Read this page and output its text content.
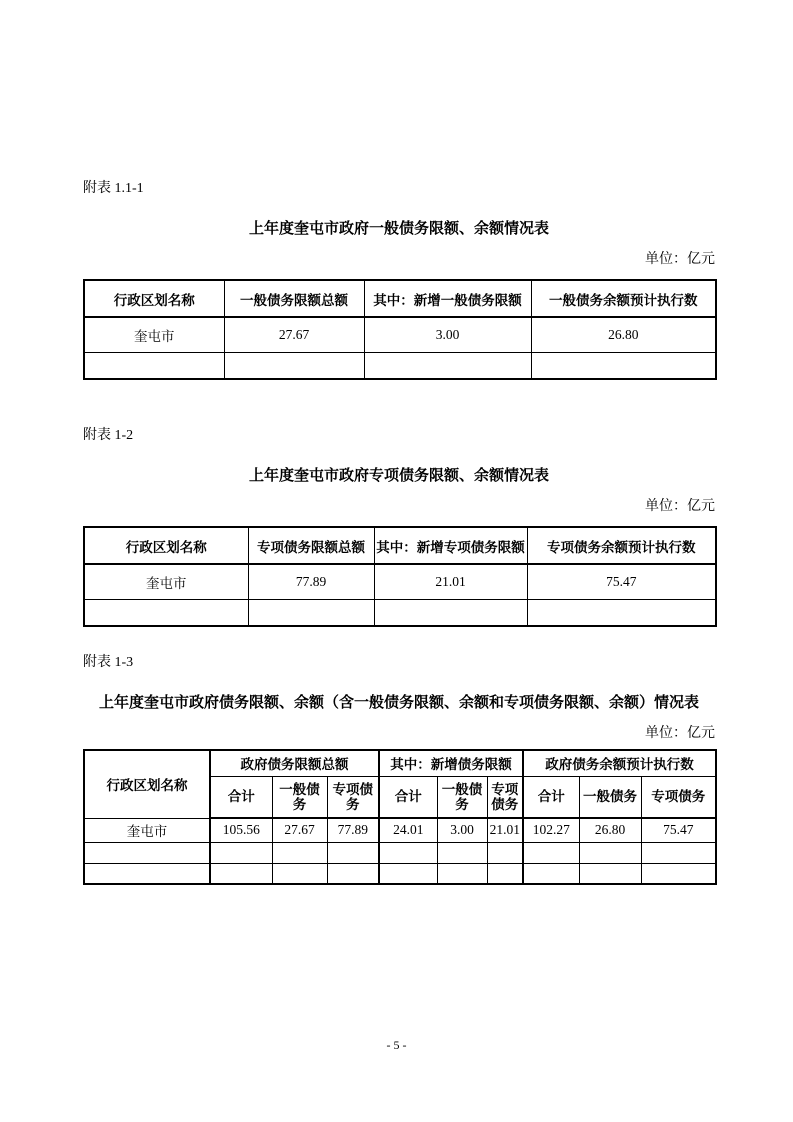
附表 1.1-1
上年度奎屯市政府一般债务限额、余额情况表
单位：亿元
行政区划名称	一般债务限额总额	其中：新增一般债务限额	一般债务余额预计执行数
奎屯市	27.67	3.00	26.80

附表 1-2
上年度奎屯市政府专项债务限额、余额情况表
单位：亿元
行政区划名称	专项债务限额总额	其中：新增专项债务限额	专项债务余额预计执行数
奎屯市	77.89	21.01	75.47

附表 1-3
上年度奎屯市政府债务限额、余额（含一般债务限额、余额和专项债务限额、余额）情况表
单位：亿元
行政区划名称	政府债务限额总额			其中：新增债务限额			政府债务余额预计执行数		
	合计	一般债务	专项债务	合计	一般债务	专项债务	合计	一般债务	专项债务
奎屯市	105.56	27.67	77.89	24.01	3.00	21.01	102.27	26.80	75.47

- 5 -
